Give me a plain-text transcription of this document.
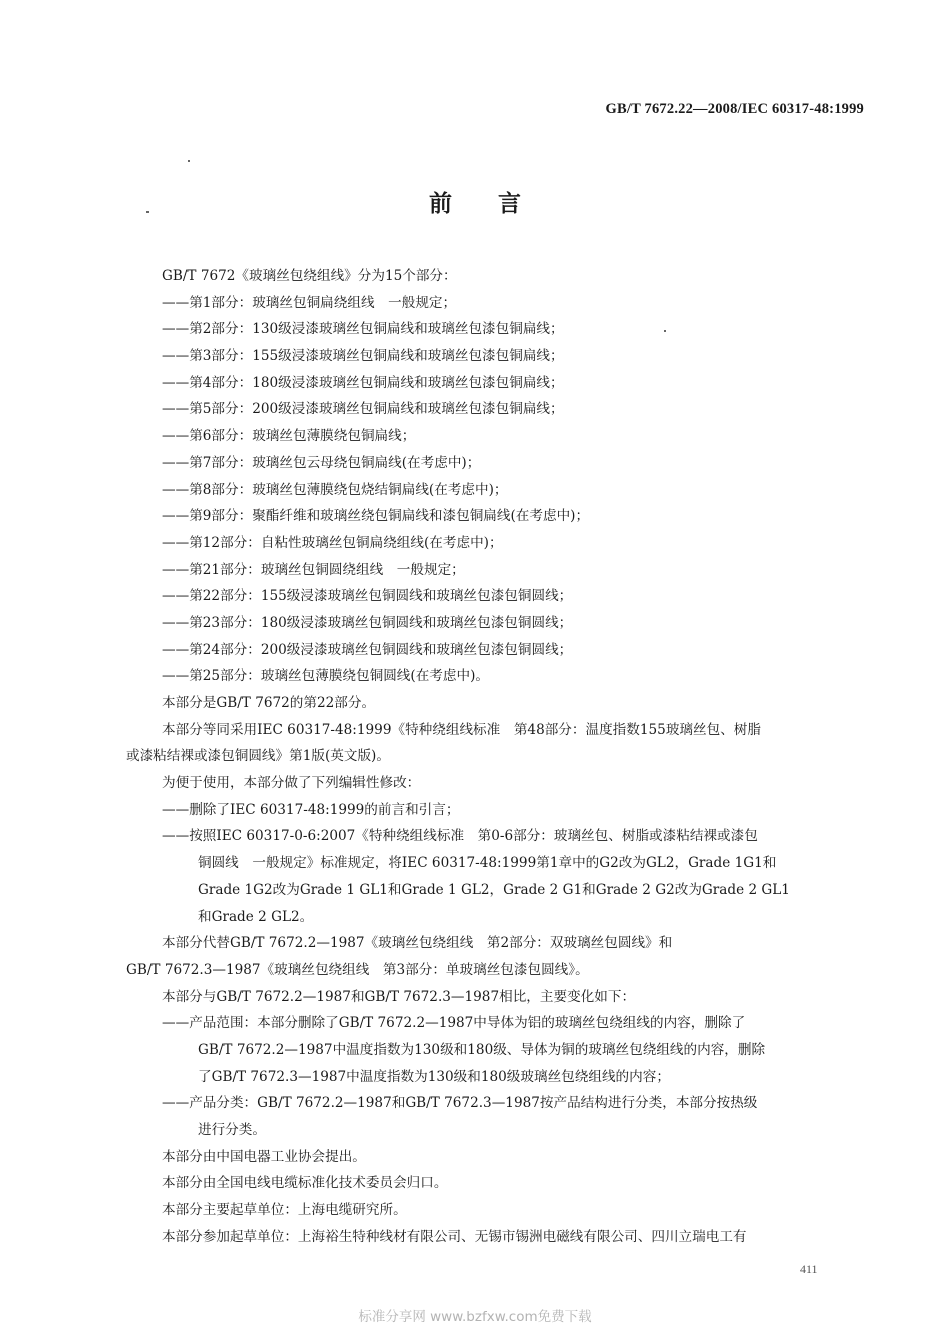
GB/T 7672.22—2008/IEC 60317-48:1999
前 言
GB/T 7672《玻璃丝包绕组线》分为15个部分：
——第1部分：玻璃丝包铜扁绕组线　一般规定；
——第2部分：130级浸漆玻璃丝包铜扁线和玻璃丝包漆包铜扁线；
——第3部分：155级浸漆玻璃丝包铜扁线和玻璃丝包漆包铜扁线；
——第4部分：180级浸漆玻璃丝包铜扁线和玻璃丝包漆包铜扁线；
——第5部分：200级浸漆玻璃丝包铜扁线和玻璃丝包漆包铜扁线；
——第6部分：玻璃丝包薄膜绕包铜扁线；
——第7部分：玻璃丝包云母绕包铜扁线(在考虑中)；
——第8部分：玻璃丝包薄膜绕包烧结铜扁线(在考虑中)；
——第9部分：聚酯纤维和玻璃丝绕包铜扁线和漆包铜扁线(在考虑中)；
——第12部分：自粘性玻璃丝包铜扁绕组线(在考虑中)；
——第21部分：玻璃丝包铜圆绕组线　一般规定；
——第22部分：155级浸漆玻璃丝包铜圆线和玻璃丝包漆包铜圆线；
——第23部分：180级浸漆玻璃丝包铜圆线和玻璃丝包漆包铜圆线；
——第24部分：200级浸漆玻璃丝包铜圆线和玻璃丝包漆包铜圆线；
——第25部分：玻璃丝包薄膜绕包铜圆线(在考虑中)。
本部分是GB/T 7672的第22部分。
本部分等同采用IEC 60317-48:1999《特种绕组线标准　第48部分：温度指数155玻璃丝包、树脂
或漆粘结裸或漆包铜圆线》第1版(英文版)。
为便于使用，本部分做了下列编辑性修改：
——删除了IEC 60317-48:1999的前言和引言；
——按照IEC 60317-0-6:2007《特种绕组线标准　第0-6部分：玻璃丝包、树脂或漆粘结裸或漆包
铜圆线　一般规定》标准规定，将IEC 60317-48:1999第1章中的G2改为GL2，Grade 1G1和
Grade 1G2改为Grade 1 GL1和Grade 1 GL2，Grade 2 G1和Grade 2 G2改为Grade 2 GL1
和Grade 2 GL2。
本部分代替GB/T 7672.2—1987《玻璃丝包绕组线　第2部分：双玻璃丝包圆线》和
GB/T 7672.3—1987《玻璃丝包绕组线　第3部分：单玻璃丝包漆包圆线》。
本部分与GB/T 7672.2—1987和GB/T 7672.3—1987相比，主要变化如下：
——产品范围：本部分删除了GB/T 7672.2—1987中导体为铝的玻璃丝包绕组线的内容，删除了
GB/T 7672.2—1987中温度指数为130级和180级、导体为铜的玻璃丝包绕组线的内容，删除
了GB/T 7672.3—1987中温度指数为130级和180级玻璃丝包绕组线的内容；
——产品分类：GB/T 7672.2—1987和GB/T 7672.3—1987按产品结构进行分类，本部分按热级
进行分类。
本部分由中国电器工业协会提出。
本部分由全国电线电缆标准化技术委员会归口。
本部分主要起草单位：上海电缆研究所。
本部分参加起草单位：上海裕生特种线材有限公司、无锡市锡洲电磁线有限公司、四川立瑞电工有
411
标准分享网 www.bzfxw.com免费下载
